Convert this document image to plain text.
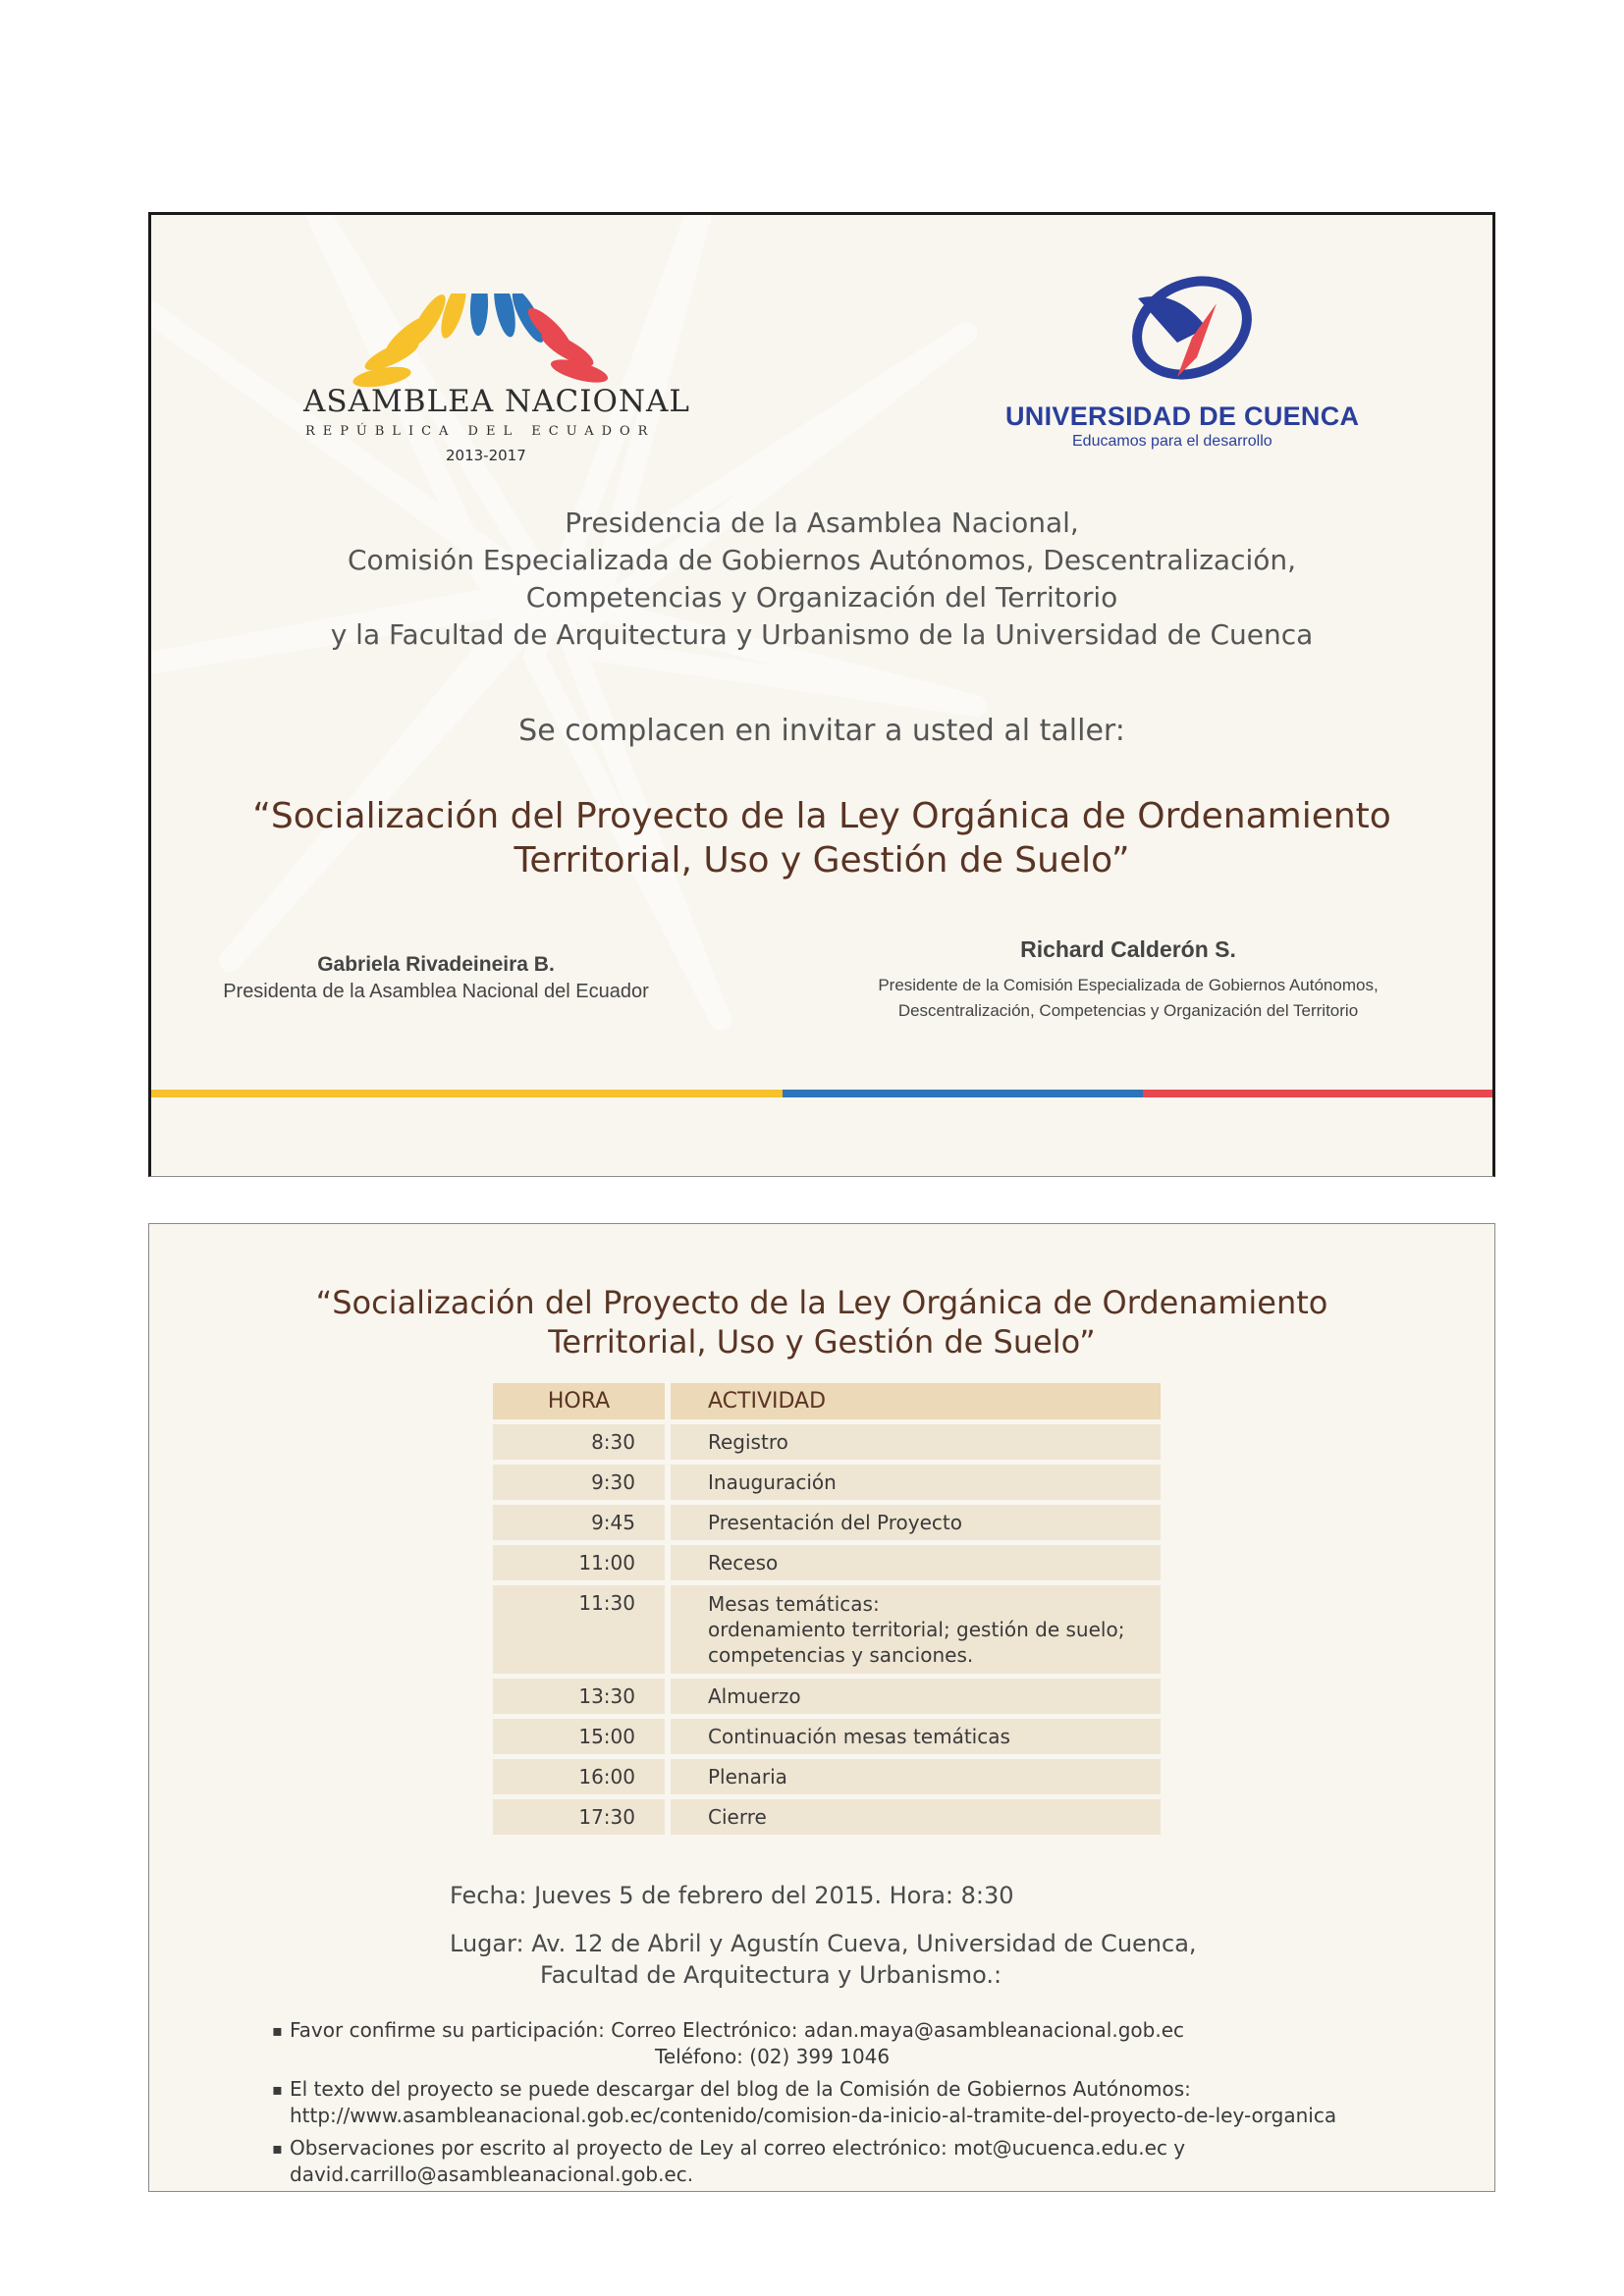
ASAMBLEA NACIONAL
REPÚBLICA DEL ECUADOR
2013-2017
UNIVERSIDAD DE CUENCA
Educamos para el desarrollo
Presidencia de la Asamblea Nacional,
Comisión Especializada de Gobiernos Autónomos, Descentralización,
Competencias y Organización del Territorio
y la Facultad de Arquitectura y Urbanismo de la Universidad de Cuenca
Se complacen en invitar a usted al taller:
“Socialización del Proyecto de la Ley Orgánica de Ordenamiento
Territorial, Uso y Gestión de Suelo”
Gabriela Rivadeineira B.
Presidenta de la Asamblea Nacional del Ecuador
Richard Calderón S.
Presidente de la Comisión Especializada de Gobiernos Autónomos,
Descentralización, Competencias y Organización del Territorio
“Socialización del Proyecto de la Ley Orgánica de Ordenamiento
Territorial, Uso y Gestión de Suelo”
HORA		ACTIVIDAD
8:30		Registro
9:30		Inauguración
9:45		Presentación del Proyecto
11:00		Receso
11:30		Mesas temáticas:
ordenamiento territorial; gestión de suelo;
competencias y sanciones.

13:30		Almuerzo
15:00		Continuación mesas temáticas
16:00		Plenaria
17:30		Cierre
Fecha: Jueves 5 de febrero del 2015. Hora: 8:30
Lugar: Av. 12 de Abril y Agustín Cueva, Universidad de Cuenca,
Facultad de Arquitectura y Urbanismo.:
▪ Favor confirme su participación: Correo Electrónico: adan.maya@asambleanacional.gob.ec
Teléfono: (02) 399 1046
▪ El texto del proyecto se puede descargar del blog de la Comisión de Gobiernos Autónomos:
http://www.asambleanacional.gob.ec/contenido/comision-da-inicio-al-tramite-del-proyecto-de-ley-organica
▪ Observaciones por escrito al proyecto de Ley al correo electrónico: mot@ucuenca.edu.ec y
david.carrillo@asambleanacional.gob.ec.
